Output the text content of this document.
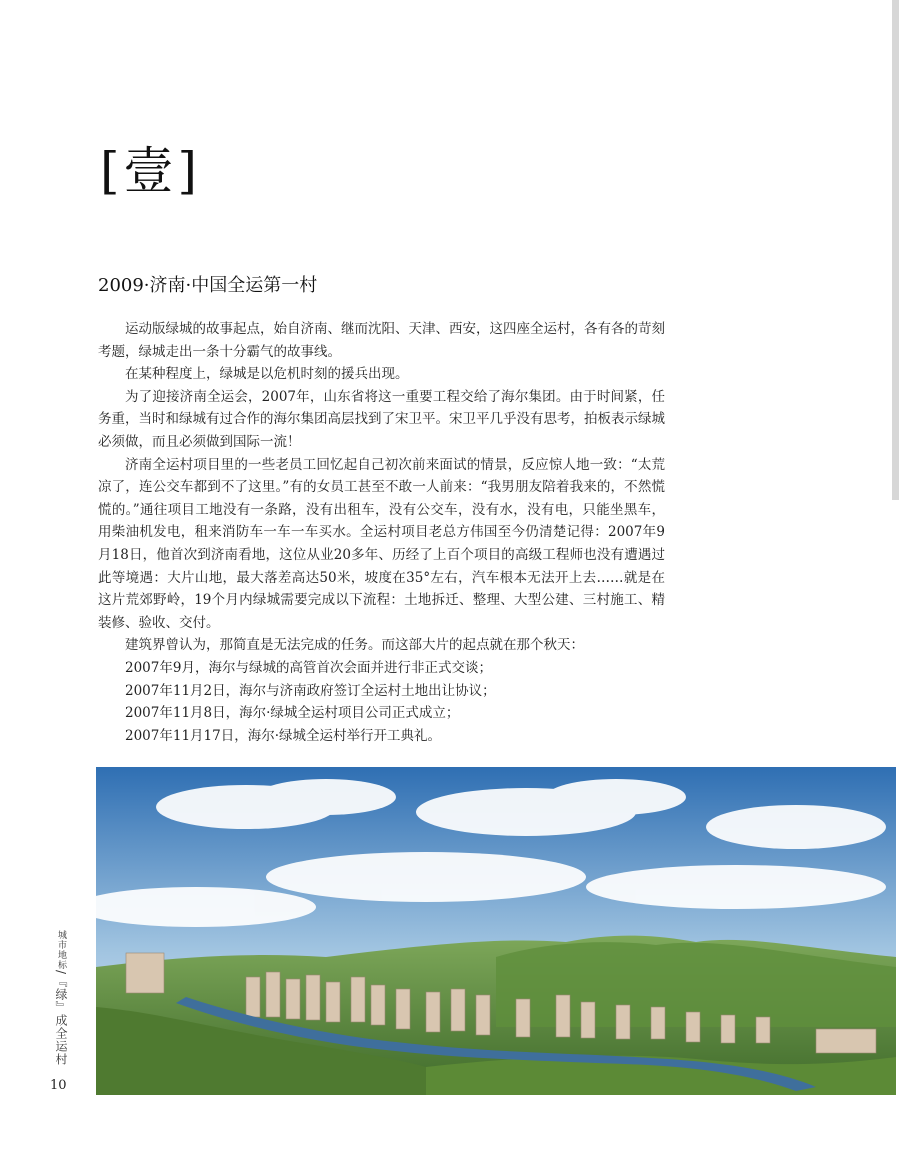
[壹]
2009·济南·中国全运第一村

运动版绿城的故事起点，始自济南、继而沈阳、天津、西安，这四座全运村，各有各的苛刻考题，绿城走出一条十分霸气的故事线。

在某种程度上，绿城是以危机时刻的援兵出现。

为了迎接济南全运会，2007年，山东省将这一重要工程交给了海尔集团。由于时间紧，任务重，当时和绿城有过合作的海尔集团高层找到了宋卫平。宋卫平几乎没有思考，拍板表示绿城必须做，而且必须做到国际一流！

济南全运村项目里的一些老员工回忆起自己初次前来面试的情景，反应惊人地一致：“太荒凉了，连公交车都到不了这里。”有的女员工甚至不敢一人前来：“我男朋友陪着我来的，不然慌慌的。”通往项目工地没有一条路，没有出租车，没有公交车，没有水，没有电，只能坐黑车，用柴油机发电，租来消防车一车一车买水。全运村项目老总方伟国至今仍清楚记得：2007年9月18日，他首次到济南看地，这位从业20多年、历经了上百个项目的高级工程师也没有遭遇过此等境遇：大片山地，最大落差高达50米，坡度在35°左右，汽车根本无法开上去……就是在这片荒郊野岭，19个月内绿城需要完成以下流程：土地拆迁、整理、大型公建、三村施工、精装修、验收、交付。

建筑界曾认为，那简直是无法完成的任务。而这部大片的起点就在那个秋天：

2007年9月，海尔与绿城的高管首次会面并进行非正式交谈；

2007年11月2日，海尔与济南政府签订全运村土地出让协议；

2007年11月8日，海尔·绿城全运村项目公司正式成立；

2007年11月17日，海尔·绿城全运村举行开工典礼。

城市地标/『绿』成全运村
10
